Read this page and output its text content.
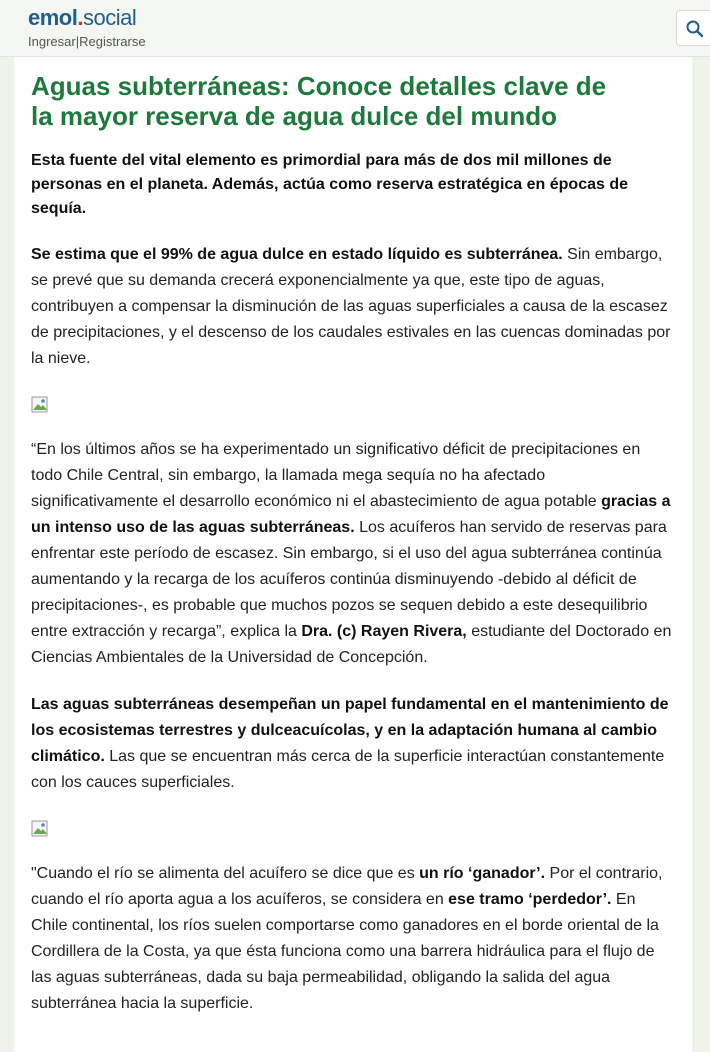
emol.social
Ingresar|Registrarse
Aguas subterráneas: Conoce detalles clave de la mayor reserva de agua dulce del mundo
Esta fuente del vital elemento es primordial para más de dos mil millones de personas en el planeta. Además, actúa como reserva estratégica en épocas de sequía.

Se estima que el 99% de agua dulce en estado líquido es subterránea. Sin embargo, se prevé que su demanda crecerá exponencialmente ya que, este tipo de aguas, contribuyen a compensar la disminución de las aguas superficiales a causa de la escasez de precipitaciones, y el descenso de los caudales estivales en las cuencas dominadas por la nieve.

“En los últimos años se ha experimentado un significativo déficit de precipitaciones en todo Chile Central, sin embargo, la llamada mega sequía no ha afectado significativamente el desarrollo económico ni el abastecimiento de agua potable gracias a un intenso uso de las aguas subterráneas. Los acuíferos han servido de reservas para enfrentar este período de escasez. Sin embargo, si el uso del agua subterránea continúa aumentando y la recarga de los acuíferos continúa disminuyendo -debido al déficit de precipitaciones-, es probable que muchos pozos se sequen debido a este desequilibrio entre extracción y recarga”, explica la Dra. (c) Rayen Rivera, estudiante del Doctorado en Ciencias Ambientales de la Universidad de Concepción.

Las aguas subterráneas desempeñan un papel fundamental en el mantenimiento de los ecosistemas terrestres y dulceacuícolas, y en la adaptación humana al cambio climático. Las que se encuentran más cerca de la superficie interactúan constantemente con los cauces superficiales.

"Cuando el río se alimenta del acuífero se dice que es un río ‘ganador’. Por el contrario, cuando el río aporta agua a los acuíferos, se considera en ese tramo ‘perdedor’. En Chile continental, los ríos suelen comportarse como ganadores en el borde oriental de la Cordillera de la Costa, ya que ésta funciona como una barrera hidráulica para el flujo de las aguas subterráneas, dada su baja permeabilidad, obligando la salida del agua subterránea hacia la superficie.
